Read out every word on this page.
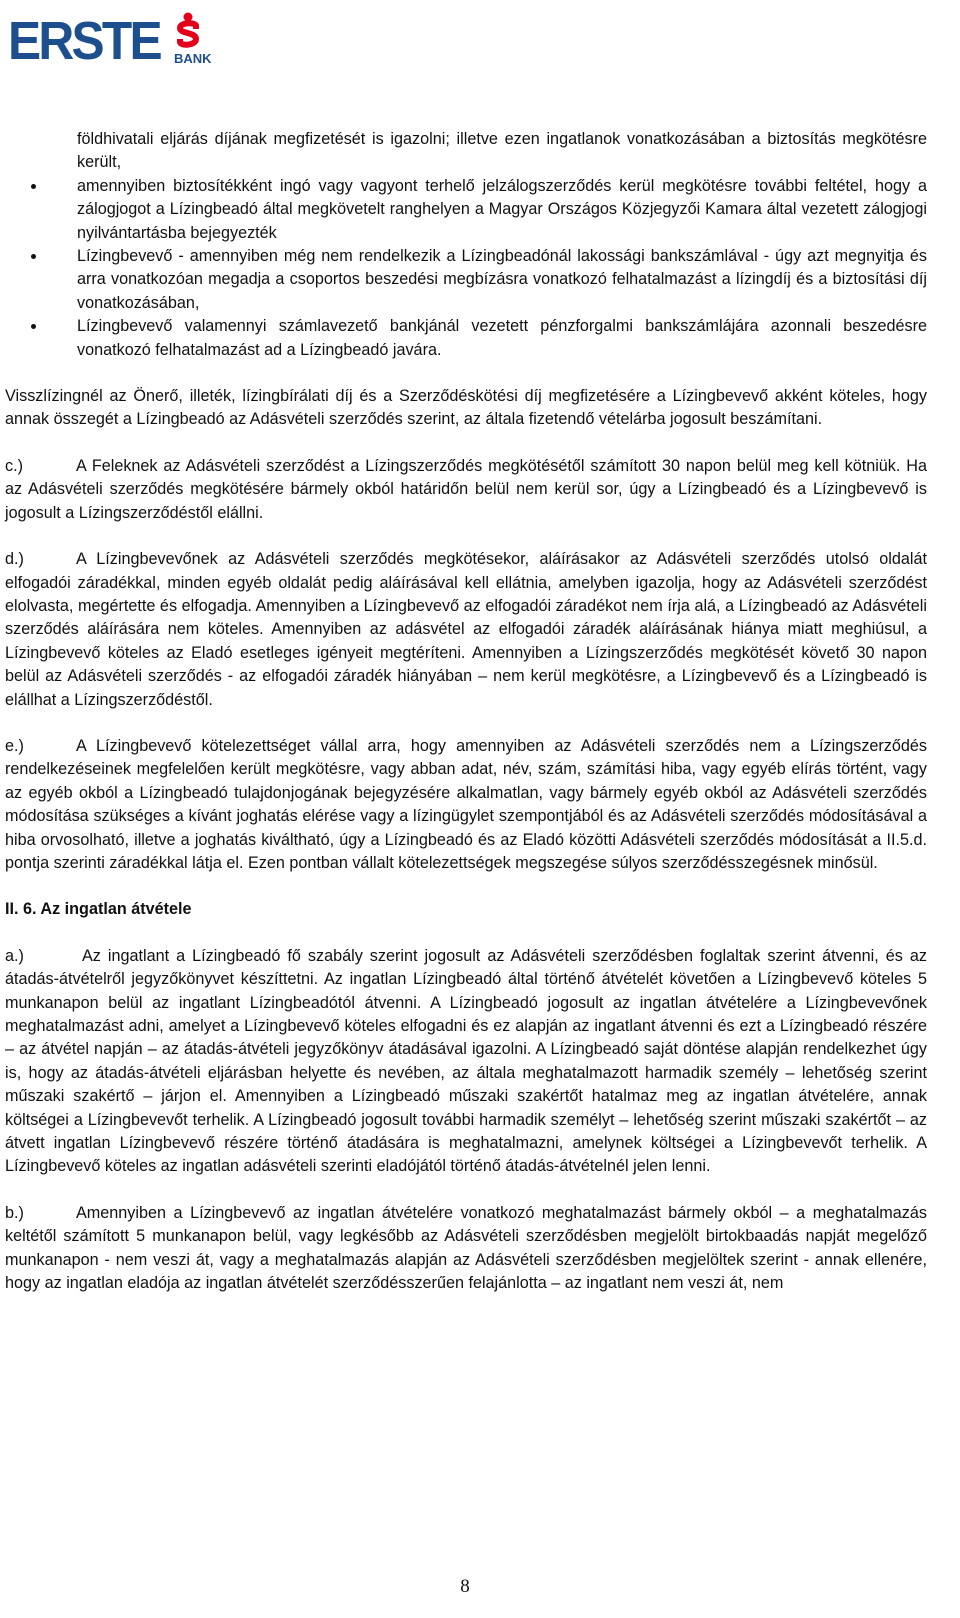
ERSTE BANK
földhivatali eljárás díjának megfizetését is igazolni; illetve ezen ingatlanok vonatkozásában a biztosítás megkötésre került,
amennyiben biztosítékként ingó vagy vagyont terhelő jelzálogszerződés kerül megkötésre további feltétel, hogy a zálogjogot a Lízingbeadó által megkövetelt ranghelyen a Magyar Országos Közjegyzői Kamara által vezetett zálogjogi nyilvántartásba bejegyezték
Lízingbevevő - amennyiben még nem rendelkezik a Lízingbeadónál lakossági bankszámlával - úgy azt megnyitja és arra vonatkozóan megadja a csoportos beszedési megbízásra vonatkozó felhatalmazást a lízingdíj és a biztosítási díj vonatkozásában,
Lízingbevevő valamennyi számlavezető bankjánál vezetett pénzforgalmi bankszámlájára azonnali beszedésre vonatkozó felhatalmazást ad a Lízingbeadó javára.

Visszlízingnél az Önerő, illeték, lízingbírálati díj és a Szerződéskötési díj megfizetésére a Lízingbevevő akként köteles, hogy annak összegét a Lízingbeadó az Adásvételi szerződés szerint, az általa fizetendő vételárba jogosult beszámítani.

c.)	A Feleknek az Adásvételi szerződést a Lízingszerződés megkötésétől számított 30 napon belül meg kell kötniük. Ha az Adásvételi szerződés megkötésére bármely okból határidőn belül nem kerül sor, úgy a Lízingbeadó és a Lízingbevevő is jogosult a Lízingszerződéstől elállni.

d.)	A Lízingbevevőnek az Adásvételi szerződés megkötésekor, aláírásakor az Adásvételi szerződés utolsó oldalát elfogadói záradékkal, minden egyéb oldalát pedig aláírásával kell ellátnia, amelyben igazolja, hogy az Adásvételi szerződést elolvasta, megértette és elfogadja. Amennyiben a Lízingbevevő az elfogadói záradékot nem írja alá, a Lízingbeadó az Adásvételi szerződés aláírására nem köteles. Amennyiben az adásvétel az elfogadói záradék aláírásának hiánya miatt meghiúsul, a Lízingbevevő köteles az Eladó esetleges igényeit megtéríteni. Amennyiben a Lízingszerződés megkötését követő 30 napon belül az Adásvételi szerződés - az elfogadói záradék hiányában – nem kerül megkötésre, a Lízingbevevő és a Lízingbeadó is elállhat a Lízingszerződéstől.

e.)	A Lízingbevevő kötelezettséget vállal arra, hogy amennyiben az Adásvételi szerződés nem a Lízingszerződés rendelkezéseinek megfelelően került megkötésre, vagy abban adat, név, szám, számítási hiba, vagy egyéb elírás történt, vagy az egyéb okból a Lízingbeadó tulajdonjogának bejegyzésére alkalmatlan, vagy bármely egyéb okból az Adásvételi szerződés módosítása szükséges a kívánt joghatás elérése vagy a lízingügylet szempontjából és az Adásvételi szerződés módosításával a hiba orvosolható, illetve a joghatás kiváltható, úgy a Lízingbeadó és az Eladó közötti Adásvételi szerződés módosítását a II.5.d. pontja szerinti záradékkal látja el. Ezen pontban vállalt kötelezettségek megszegése súlyos szerződésszegésnek minősül.

II. 6. Az ingatlan átvétele

a.)	Az ingatlant a Lízingbeadó fő szabály szerint jogosult az Adásvételi szerződésben foglaltak szerint átvenni, és az átadás-átvételről jegyzőkönyvet készíttetni. Az ingatlan Lízingbeadó által történő átvételét követően a Lízingbevevő köteles 5 munkanapon belül az ingatlant Lízingbeadótól átvenni. A Lízingbeadó jogosult az ingatlan átvételére a Lízingbevevőnek meghatalmazást adni, amelyet a Lízingbevevő köteles elfogadni és ez alapján az ingatlant átvenni és ezt a Lízingbeadó részére – az átvétel napján – az átadás-átvételi jegyzőkönyv átadásával igazolni. A Lízingbeadó saját döntése alapján rendelkezhet úgy is, hogy az átadás-átvételi eljárásban helyette és nevében, az általa meghatalmazott harmadik személy – lehetőség szerint műszaki szakértő – járjon el. Amennyiben a Lízingbeadó műszaki szakértőt hatalmaz meg az ingatlan átvételére, annak költségei a Lízingbevevőt terhelik. A Lízingbeadó jogosult további harmadik személyt – lehetőség szerint műszaki szakértőt – az átvett ingatlan Lízingbevevő részére történő átadására is meghatalmazni, amelynek költségei a Lízingbevevőt terhelik. A Lízingbevevő köteles az ingatlan adásvételi szerinti eladójától történő átadás-átvételnél jelen lenni.

b.)	Amennyiben a Lízingbevevő az ingatlan átvételére vonatkozó meghatalmazást bármely okból – a meghatalmazás keltétől számított 5 munkanapon belül, vagy legkésőbb az Adásvételi szerződésben megjelölt birtokbaadás napját megelőző munkanapon - nem veszi át, vagy a meghatalmazás alapján az Adásvételi szerződésben megjelöltek szerint - annak ellenére, hogy az ingatlan eladója az ingatlan átvételét szerződésszerűen felajánlotta – az ingatlant nem veszi át, nem

8
